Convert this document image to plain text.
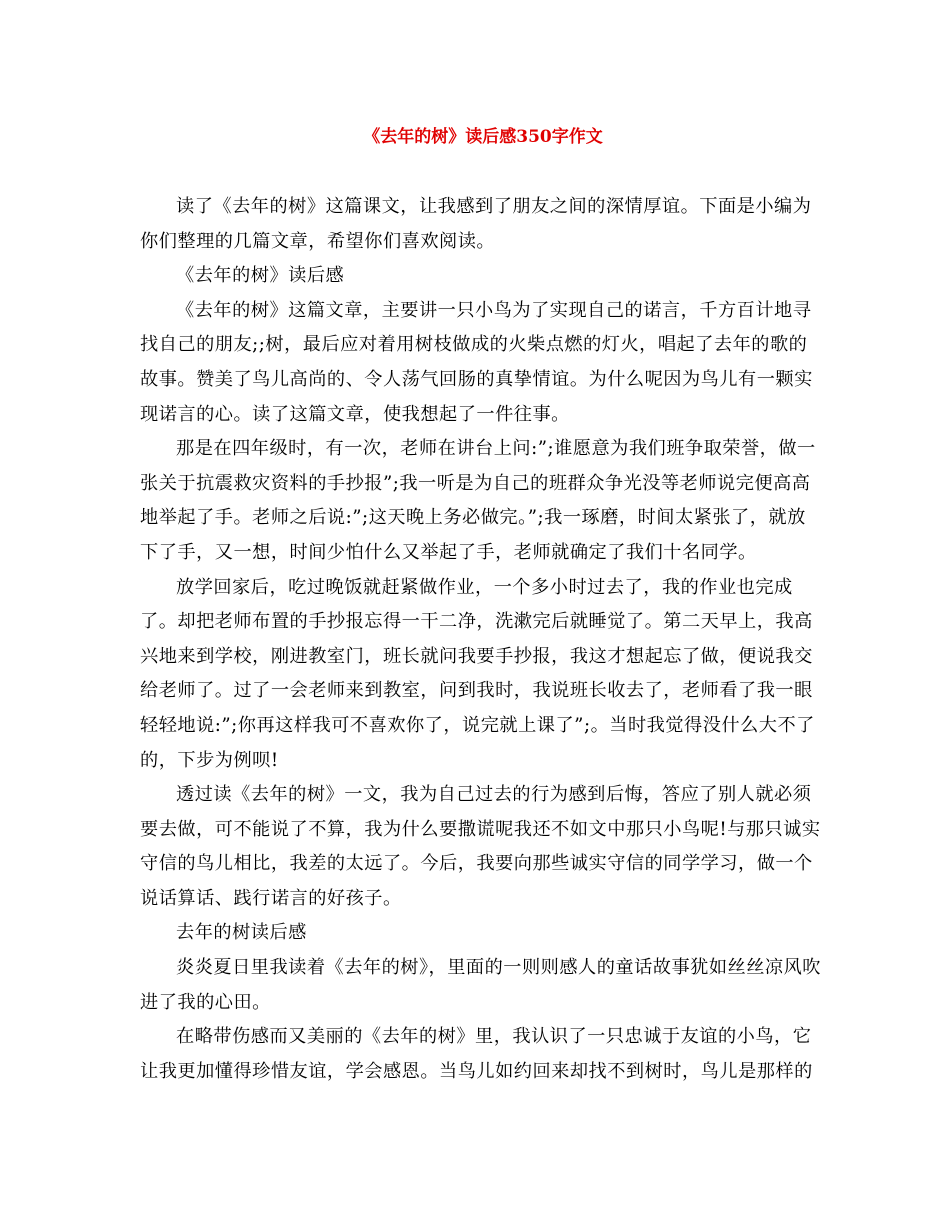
《去年的树》读后感350字作文

读了《去年的树》这篇课文，让我感到了朋友之间的深情厚谊。下面是小编为你们整理的几篇文章，希望你们喜欢阅读。

《去年的树》读后感

《去年的树》这篇文章，主要讲一只小鸟为了实现自己的诺言，千方百计地寻找自己的朋友;;树，最后应对着用树枝做成的火柴点燃的灯火，唱起了去年的歌的故事。赞美了鸟儿高尚的、令人荡气回肠的真挚情谊。为什么呢因为鸟儿有一颗实现诺言的心。读了这篇文章，使我想起了一件往事。

那是在四年级时，有一次，老师在讲台上问:”;谁愿意为我们班争取荣誉，做一张关于抗震救灾资料的手抄报”;我一听是为自己的班群众争光没等老师说完便高高地举起了手。老师之后说:”;这天晚上务必做完。”;我一琢磨，时间太紧张了，就放下了手，又一想，时间少怕什么又举起了手，老师就确定了我们十名同学。

放学回家后，吃过晚饭就赶紧做作业，一个多小时过去了，我的作业也完成了。却把老师布置的手抄报忘得一干二净，洗漱完后就睡觉了。第二天早上，我高兴地来到学校，刚进教室门，班长就问我要手抄报，我这才想起忘了做，便说我交给老师了。过了一会老师来到教室，问到我时，我说班长收去了，老师看了我一眼轻轻地说:”;你再这样我可不喜欢你了，说完就上课了”;。当时我觉得没什么大不了的，下步为例呗!

透过读《去年的树》一文，我为自己过去的行为感到后悔，答应了别人就必须要去做，可不能说了不算，我为什么要撒谎呢我还不如文中那只小鸟呢!与那只诚实守信的鸟儿相比，我差的太远了。今后，我要向那些诚实守信的同学学习，做一个说话算话、践行诺言的好孩子。

去年的树读后感

炎炎夏日里我读着《去年的树》，里面的一则则感人的童话故事犹如丝丝凉风吹进了我的心田。

在略带伤感而又美丽的《去年的树》里，我认识了一只忠诚于友谊的小鸟，它让我更加懂得珍惜友谊，学会感恩。当鸟儿如约回来却找不到树时，鸟儿是那样的
